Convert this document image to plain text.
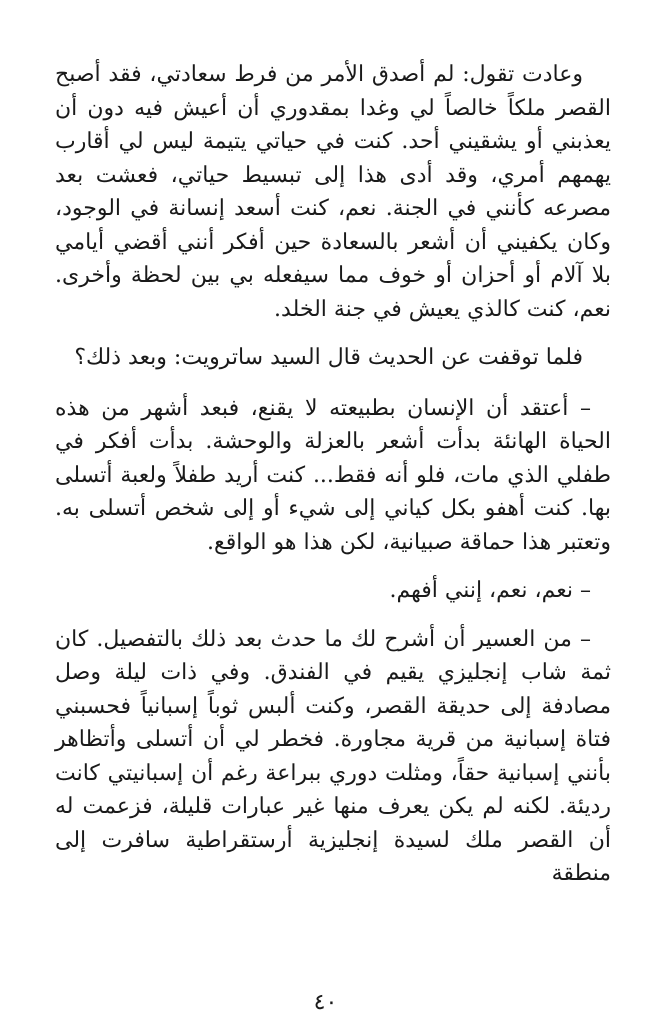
وعادت تقول: لم أصدق الأمر من فرط سعادتي، فقد أصبح القصر ملكاً خالصاً لي وغدا بمقدوري أن أعيش فيه دون أن يعذبني أو يشقيني أحد. كنت في حياتي يتيمة ليس لي أقارب يهمهم أمري، وقد أدى هذا إلى تبسيط حياتي، فعشت بعد مصرعه كأنني في الجنة. نعم، كنت أسعد إنسانة في الوجود، وكان يكفيني أن أشعر بالسعادة حين أفكر أنني أقضي أيامي بلا آلام أو أحزان أو خوف مما سيفعله بي بين لحظة وأخرى. نعم، كنت كالذي يعيش في جنة الخلد.

فلما توقفت عن الحديث قال السيد ساترويت: وبعد ذلك؟

– أعتقد أن الإنسان بطبيعته لا يقنع، فبعد أشهر من هذه الحياة الهانئة بدأت أشعر بالعزلة والوحشة. بدأت أفكر في طفلي الذي مات، فلو أنه فقط... كنت أريد طفلاً ولعبة أتسلى بها. كنت أهفو بكل كياني إلى شيء أو إلى شخص أتسلى به. وتعتبر هذا حماقة صبيانية، لكن هذا هو الواقع.

– نعم، نعم، إنني أفهم.

– من العسير أن أشرح لك ما حدث بعد ذلك بالتفصيل. كان ثمة شاب إنجليزي يقيم في الفندق. وفي ذات ليلة وصل مصادفة إلى حديقة القصر، وكنت ألبس ثوباً إسبانياً فحسبني فتاة إسبانية من قرية مجاورة. فخطر لي أن أتسلى وأتظاهر بأنني إسبانية حقاً، ومثلت دوري ببراعة رغم أن إسبانيتي كانت رديئة. لكنه لم يكن يعرف منها غير عبارات قليلة، فزعمت له أن القصر ملك لسيدة إنجليزية أرستقراطية سافرت إلى منطقة

٤٠
